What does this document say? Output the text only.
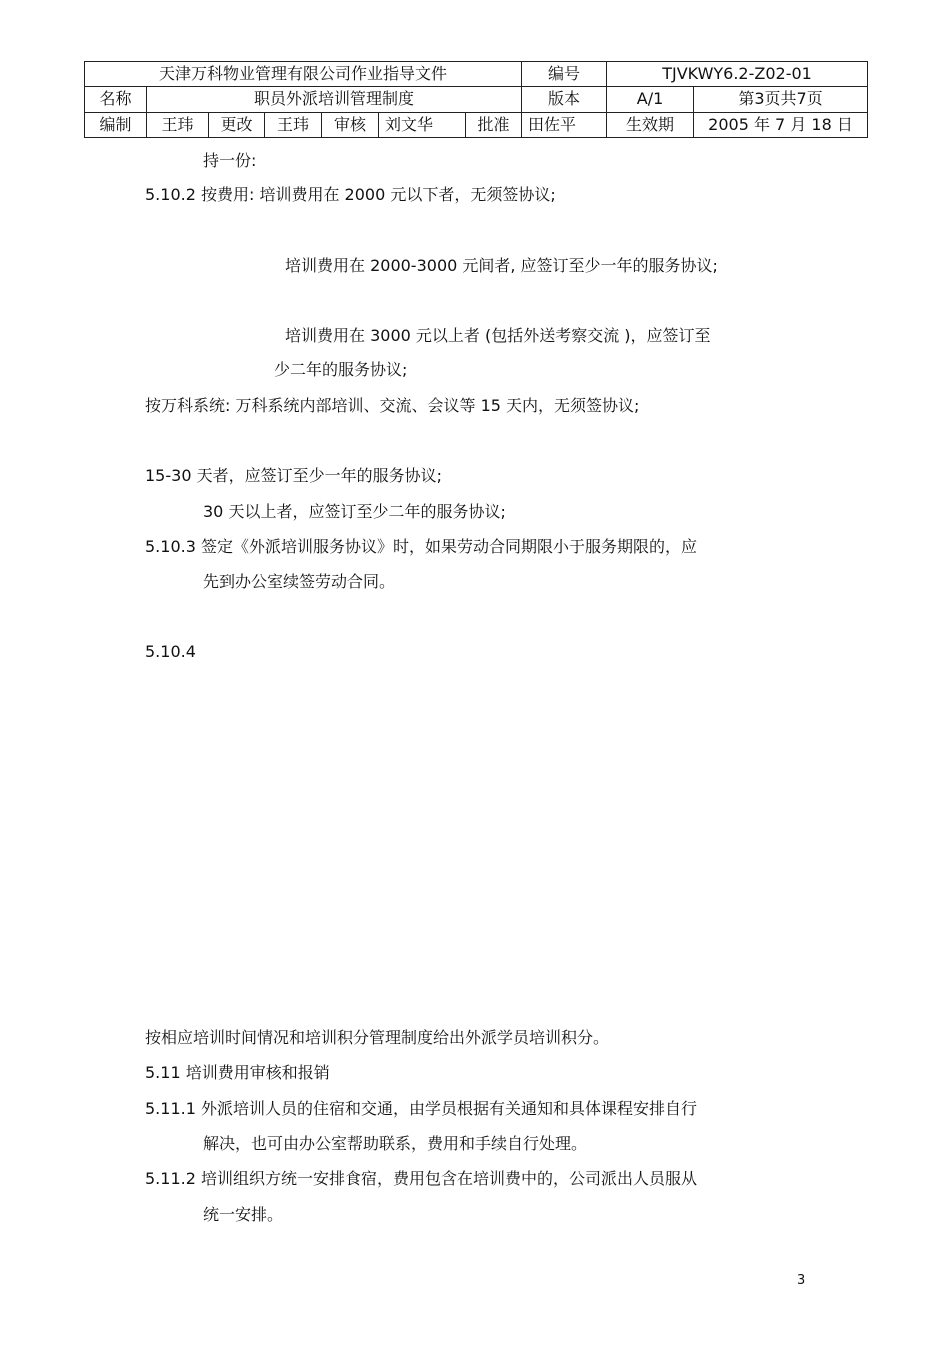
天津万科物业管理有限公司作业指导文件							编号	TJVKWY6.2-Z02-01	
名称	职员外派培训管理制度						版本	A/1	第3页共7页
编制	王玮	更改	王玮	审核	刘文华	批准	田佐平	生效期	2005 年 7 月 18 日
持一份:
5.10.2 按费用: 培训费用在 2000 元以下者，无须签协议;
培训费用在 2000-3000 元间者, 应签订至少一年的服务协议;
培训费用在 3000 元以上者 (包括外送考察交流 )，应签订至
少二年的服务协议;
按万科系统: 万科系统内部培训、交流、会议等 15 天内，无须签协议;
15-30 天者，应签订至少一年的服务协议;
30 天以上者，应签订至少二年的服务协议;
5.10.3 签定《外派培训服务协议》时，如果劳动合同期限小于服务期限的，应
先到办公室续签劳动合同。
5.10.4
按相应培训时间情况和培训积分管理制度给出外派学员培训积分。
5.11 培训费用审核和报销
5.11.1 外派培训人员的住宿和交通，由学员根据有关通知和具体课程安排自行
解决，也可由办公室帮助联系，费用和手续自行处理。
5.11.2 培训组织方统一安排食宿，费用包含在培训费中的，公司派出人员服从
统一安排。
3
